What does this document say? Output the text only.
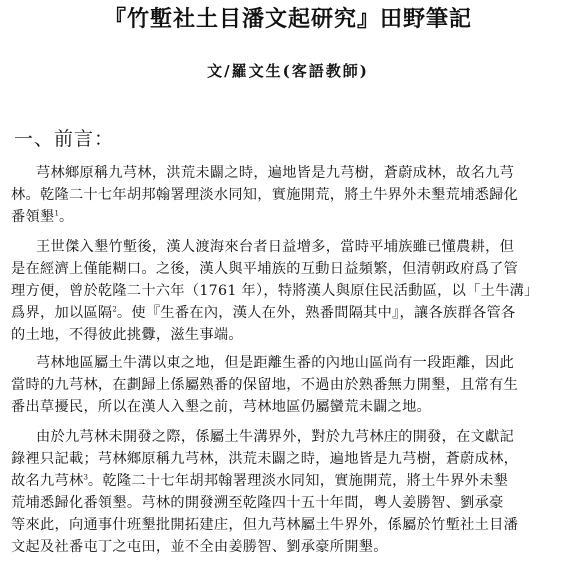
『竹塹社土目潘文起研究』田野筆記
文/羅文生(客語教師)
一、前言：
芎林鄉原稱九芎林，洪荒未闢之時，遍地皆是九芎樹，蒼蔚成林，故名九芎
林。乾隆二十七年胡邦翰署理淡水同知，實施開荒，將土牛界外未墾荒埔悉歸化
番領墾$^1$。
王世傑入墾竹塹後，漢人渡海來台者日益增多，當時平埔族雖已懂農耕，但
是在經濟上僅能糊口。之後，漢人與平埔族的互動日益頻繁，但清朝政府爲了管
理方便，曾於乾隆二十六年（1761 年），特將漢人與原住民活動區，以「土牛溝」
爲界，加以區隔$^2$。使『生番在內，漢人在外，熟番間隔其中』，讓各族群各管各
的土地，不得彼此挑釁，滋生事端。
芎林地區屬土牛溝以東之地，但是距離生番的內地山區尚有一段距離，因此
當時的九芎林，在劃歸上係屬熟番的保留地，不過由於熟番無力開墾，且常有生
番出草擾民，所以在漢人入墾之前，芎林地區仍屬蠻荒未闢之地。
由於九芎林未開發之際，係屬土牛溝界外，對於九芎林庄的開發，在文獻記
錄裡只記載；芎林鄉原稱九芎林，洪荒未闢之時，遍地皆是九芎樹，蒼蔚成林，
故名九芎林$^3$。乾隆二十七年胡邦翰署理淡水同知，實施開荒，將土牛界外未墾
荒埔悉歸化番領墾。芎林的開發溯至乾隆四十五十年間，粵人姜勝智、劉承豪
等來此，向通事什班墾批開拓建庄，但九芎林屬土牛界外，係屬於竹塹社土目潘
文起及社番屯丁之屯田，並不全由姜勝智、劉承豪所開墾。
